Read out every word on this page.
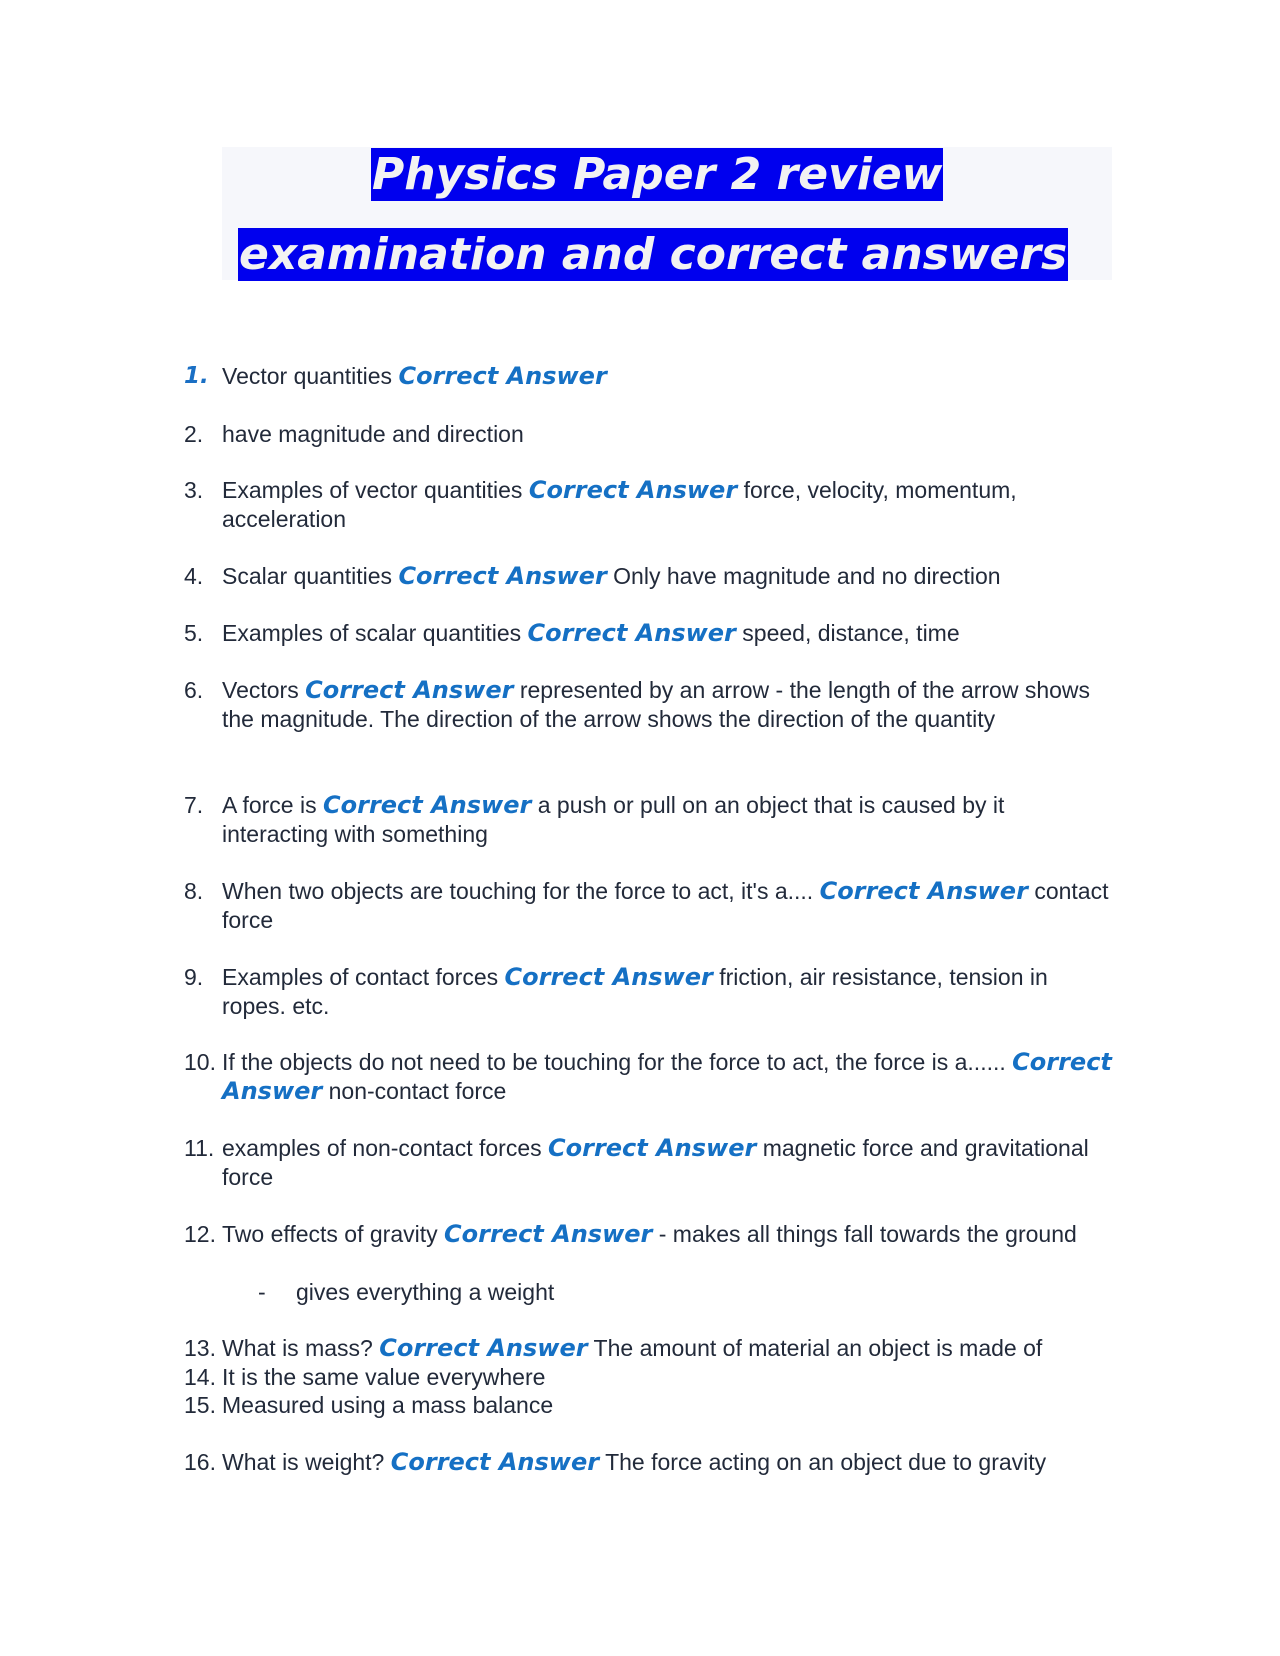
Physics Paper 2 review
examination and correct answers
1. Vector quantities Correct Answer
2. have magnitude and direction
3. Examples of vector quantities Correct Answer force, velocity, momentum, acceleration
4. Scalar quantities Correct Answer Only have magnitude and no direction
5. Examples of scalar quantities Correct Answer speed, distance, time
6. Vectors Correct Answer represented by an arrow - the length of the arrow shows the magnitude. The direction of the arrow shows the direction of the quantity
7. A force is Correct Answer a push or pull on an object that is caused by it interacting with something
8. When two objects are touching for the force to act, it's a.... Correct Answer contact force
9. Examples of contact forces Correct Answer friction, air resistance, tension in ropes. etc.
10. If the objects do not need to be touching for the force to act, the force is a...... Correct Answer non-contact force
11. examples of non-contact forces Correct Answer magnetic force and gravitational force
12. Two effects of gravity Correct Answer - makes all things fall towards the ground
- gives everything a weight
13. What is mass? Correct Answer The amount of material an object is made of
14. It is the same value everywhere
15. Measured using a mass balance
16. What is weight? Correct Answer The force acting on an object due to gravity
